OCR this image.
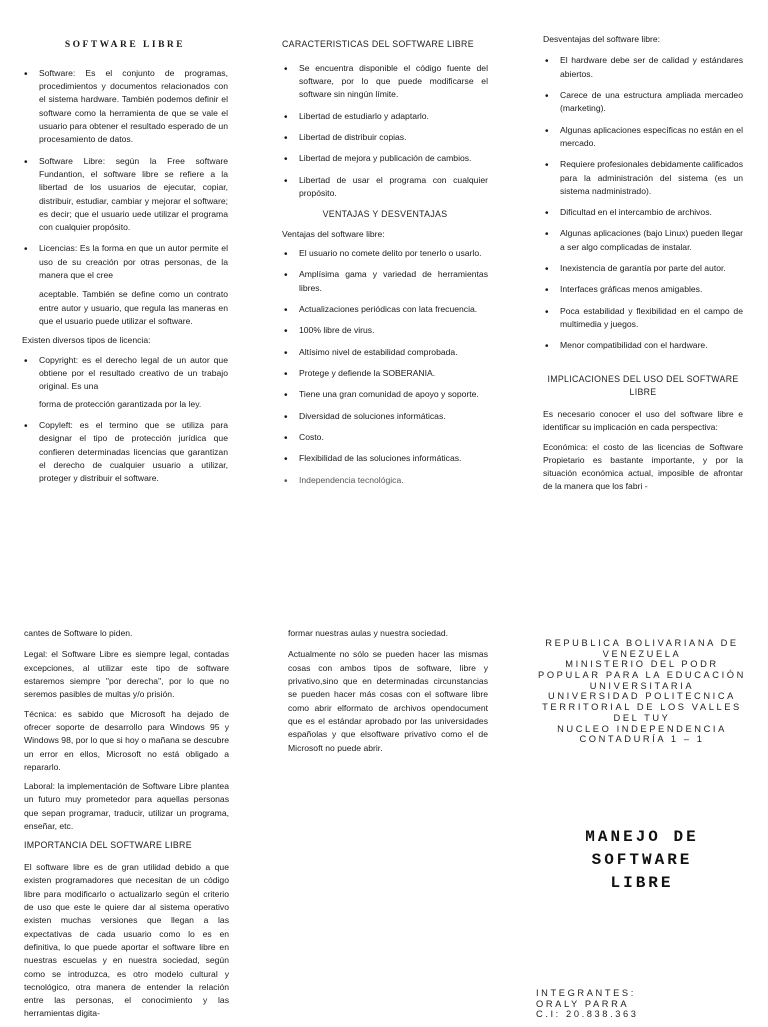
SOFTWARE LIBRE
• Software: Es el conjunto de programas, procedimientos y documentos relacionados con el sistema hardware. También podemos definir el software como la herramienta de que se vale el usuario para obtener el resultado esperado de un procesamiento de datos.
• Software Libre: según la Free software Fundantion, el software libre se refiere a la libertad de los usuarios de ejecutar, copiar, distribuir, estudiar, cambiar y mejorar el software; es decir; que el usuario uede utilizar el programa con cualquier propósito.
• Licencias: Es la forma en que un autor permite el uso de su creación por otras personas, de la manera que el cree

aceptable. También se define como un contrato entre autor y usuario, que regula las maneras en que el usuario puede utilizar el software.

Existen diversos tipos de licencia:

• Copyright: es el derecho legal de un autor que obtiene por el resultado creativo de un trabajo original. Es una

forma de protección garantizada por la ley.

• Copyleft: es el termino que se utiliza para designar el tipo de protección jurídica que confieren determinadas licencias que garantizan el derecho de cualquier usuario a utilizar, proteger y distribuir el software.
CARACTERISTICAS DEL SOFTWARE LIBRE
• Se encuentra disponible el código fuente del software, por lo que puede modificarse el software sin ningún límite.
• Libertad de estudiarlo y adaptarlo.
• Libertad de distribuir copias.
• Libertad de mejora y publicación de cambios.
• Libertad de usar el programa con cualquier propósito.
VENTAJAS Y DESVENTAJAS

Ventajas del software libre:

• El usuario no comete delito por tenerlo o usarlo.
• Amplísima gama y variedad de herramientas libres.
• Actualizaciones periódicas con lata frecuencia.
• 100% libre de virus.
• Altísimo nivel de estabilidad comprobada.
• Protege y defiende la SOBERANIA.
• Tiene una gran comunidad de apoyo y soporte.
• Diversidad de soluciones informáticas.
• Costo.
• Flexibilidad de las soluciones informáticas.
• Independencia tecnológica.

Desventajas del software libre:

• El hardware debe ser de calidad y estándares abiertos.
• Carece de una estructura ampliada mercadeo (marketing).
• Algunas aplicaciones específicas no están en el mercado.
• Requiere profesionales debidamente calificados para la administración del sistema (es un sistema nadministrado).
• Dificultad en el intercambio de archivos.
• Algunas aplicaciones (bajo Linux) pueden llegar a ser algo complicadas de instalar.
• Inexistencia de garantía por parte del autor.
• Interfaces gráficas menos amigables.
• Poca estabilidad y flexibilidad en el campo de multimedia y juegos.
• Menor compatibilidad con el hardware.
IMPLICACIONES DEL USO DEL SOFTWARE LIBRE

Es necesario conocer el uso del software libre e identificar su implicación en cada perspectiva:

Económica: el costo de las licencias de Software Propietario es bastante importante, y por la situación económica actual, imposible de afrontar de la manera que los fabri -

cantes de Software lo piden.

Legal: el Software Libre es siempre legal, contadas excepciones, al utilizar este tipo de software estaremos siempre "por derecha", por lo que no seremos pasibles de multas y/o prisión.

Técnica: es sabido que Microsoft ha dejado de ofrecer soporte de desarrollo para Windows 95 y Windows 98, por lo que si hoy o mañana se descubre un error en ellos, Microsoft no está obligado a repararlo.

Laboral: la implementación de Software Libre plantea un futuro muy prometedor para aquellas personas que sepan programar, traducir, utilizar un programa, enseñar, etc.

IMPORTANCIA DEL SOFTWARE LIBRE

El software libre es de gran utilidad debido a que existen programadores que necesitan de un código libre para modificarlo o actualizarlo según el criterio de uso que este le quiere dar al sistema operativo existen muchas versiones que llegan a las expectativas de cada usuario como lo es en definitiva, lo que puede aportar el software libre en nuestras escuelas y en nuestra sociedad, según como se introduzca, es otro modelo cultural y tecnológico, otra manera de entender la relación entre las personas, el conocimiento y las herramientas digita-

formar nuestras aulas y nuestra sociedad.

Actualmente no sólo se pueden hacer las mismas cosas con ambos tipos de software, libre y privativo,sino que en determinadas circunstancias se pueden hacer más cosas con el software libre como abrir elformato de archivos opendocument que es el estándar aprobado por las universidades españolas y que elsoftware privativo como el de Microsoft no puede abrir.

REPUBLICA BOLIVARIANA DE VENEZUELA

MINISTERIO DEL PODR POPULAR PARA LA EDUCACIÓN UNIVERSITARIA

UNIVERSIDAD POLITECNICA TERRITORIAL DE LOS VALLES DEL TUY

NUCLEO INDEPENDENCIA

CONTADURÍA 1 – 1

MANEJO DE
SOFTWARE
LIBRE
INTEGRANTES:
ORALY PARRA
C.I: 20.838.363
